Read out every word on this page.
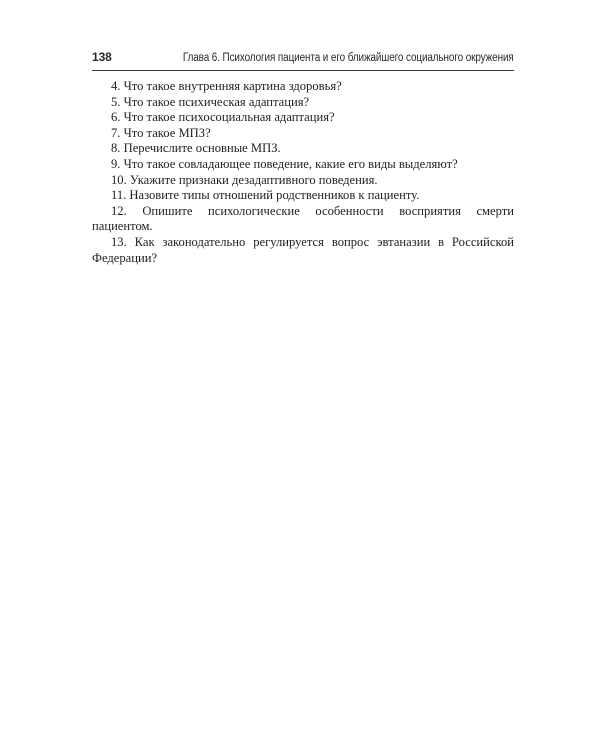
138	Глава 6. Психология пациента и его ближайшего социального окружения

4. Что такое внутренняя картина здоровья?

5. Что такое психическая адаптация?

6. Что такое психосоциальная адаптация?

7. Что такое МПЗ?

8. Перечислите основные МПЗ.

9. Что такое совладающее поведение, какие его виды выделяют?

10. Укажите признаки дезадаптивного поведения.

11. Назовите типы отношений родственников к пациенту.

12. Опишите психологические особенности восприятия смерти пациентом.

13. Как законодательно регулируется вопрос эвтаназии в Российской Федерации?
